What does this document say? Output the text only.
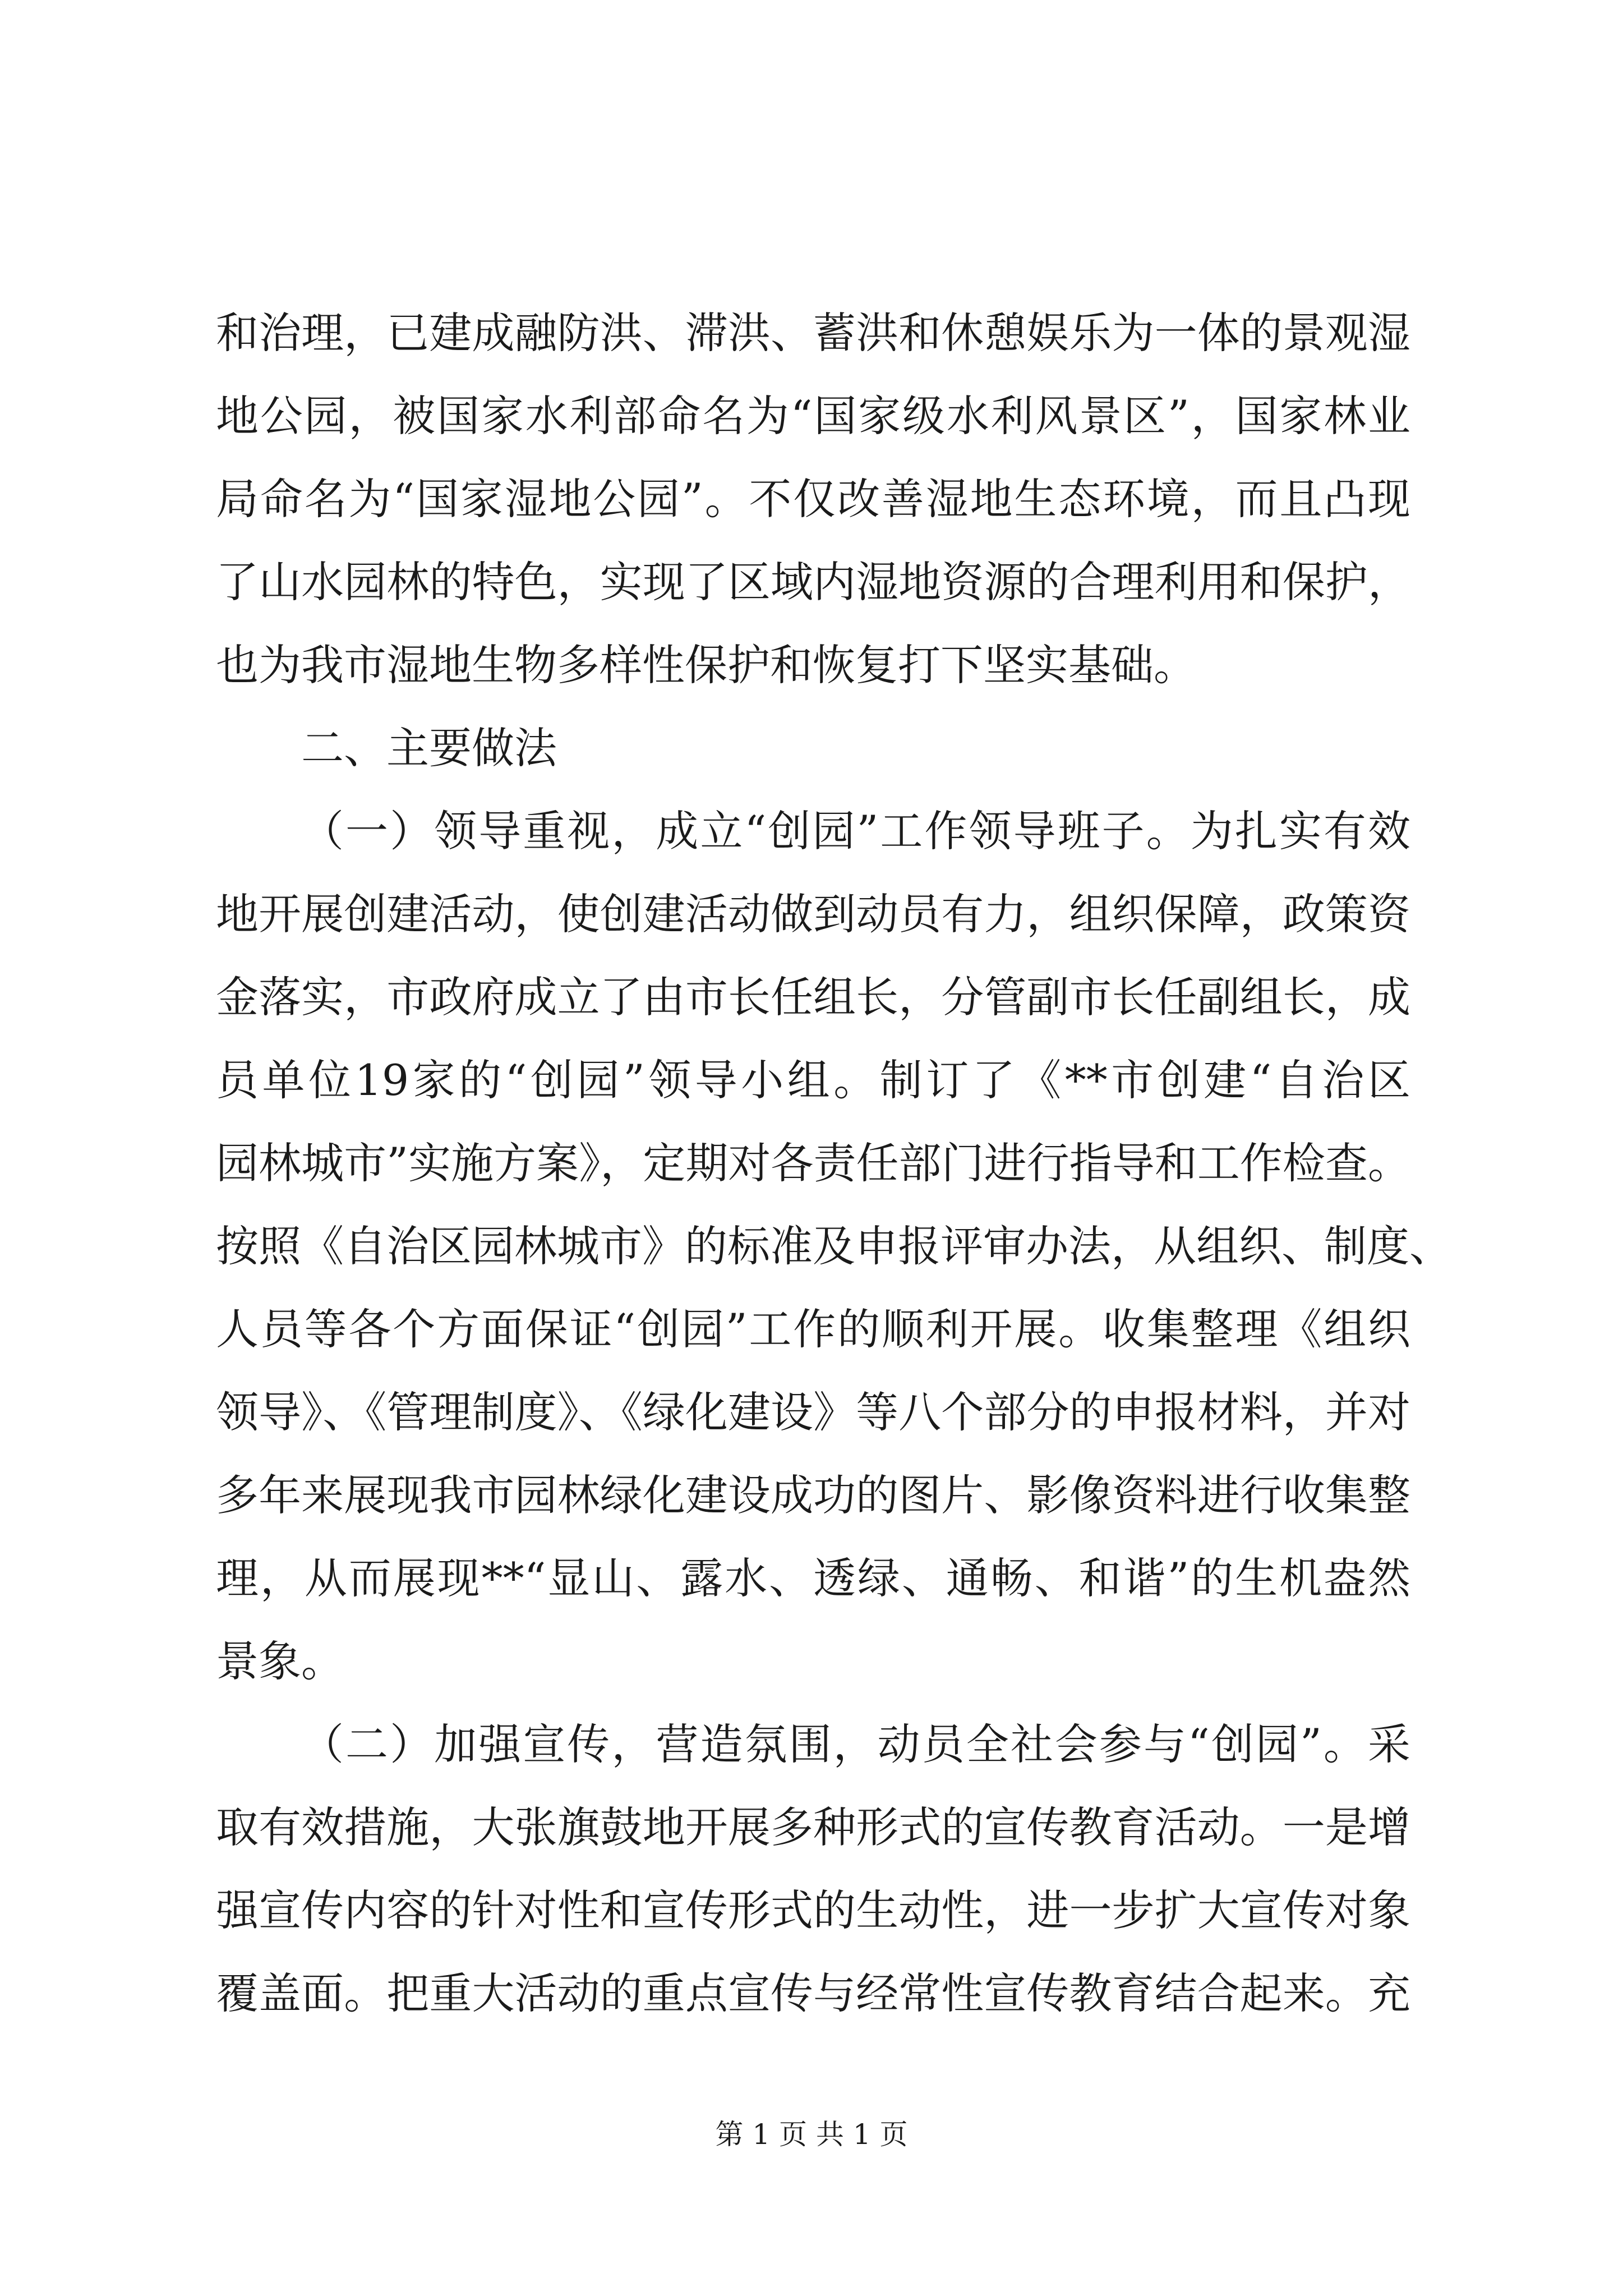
和治理，已建成融防洪、滞洪、蓄洪和休憩娱乐为一体的景观湿
地公园，被国家水利部命名为“国家级水利风景区”，国家林业
局命名为“国家湿地公园”。不仅改善湿地生态环境，而且凸现
了山水园林的特色，实现了区域内湿地资源的合理利用和保护，
也为我市湿地生物多样性保护和恢复打下坚实基础。
二、主要做法
（一）领导重视，成立“创园”工作领导班子。为扎实有效
地开展创建活动，使创建活动做到动员有力，组织保障，政策资
金落实，市政府成立了由市长任组长，分管副市长任副组长，成
员单位19家的“创园”领导小组。制订了《**市创建“自治区
园林城市”实施方案》，定期对各责任部门进行指导和工作检查。
按照《自治区园林城市》的标准及申报评审办法，从组织、制度、
人员等各个方面保证“创园”工作的顺利开展。收集整理《组织
领导》、《管理制度》、《绿化建设》等八个部分的申报材料，并对
多年来展现我市园林绿化建设成功的图片、影像资料进行收集整
理，从而展现**“显山、露水、透绿、通畅、和谐”的生机盎然
景象。
（二）加强宣传，营造氛围，动员全社会参与“创园”。采
取有效措施，大张旗鼓地开展多种形式的宣传教育活动。一是增
强宣传内容的针对性和宣传形式的生动性，进一步扩大宣传对象
覆盖面。把重大活动的重点宣传与经常性宣传教育结合起来。充
第 1 页 共 1 页
